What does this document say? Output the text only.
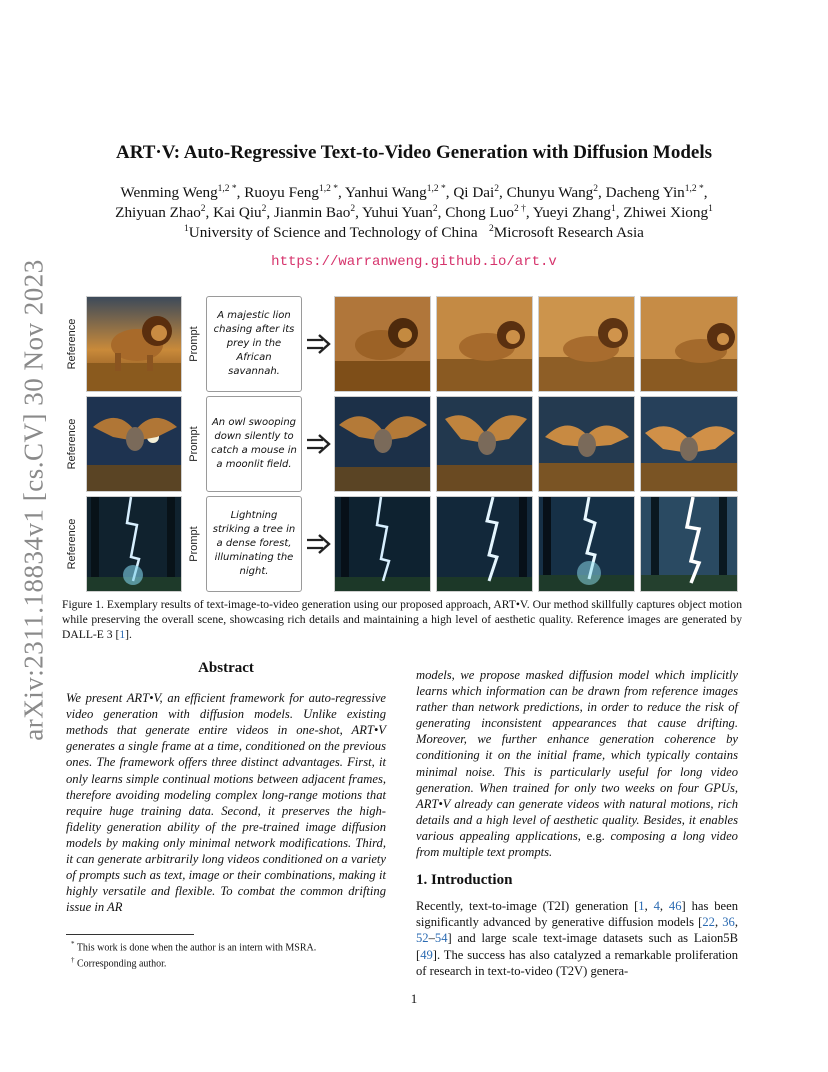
arXiv:2311.18834v1 [cs.CV] 30 Nov 2023
ART·V: Auto-Regressive Text-to-Video Generation with Diffusion Models
Wenming Weng$^{1,2 *}$, Ruoyu Feng$^{1,2 *}$, Yanhui Wang$^{1,2 *}$, Qi Dai$^2$, Chunyu Wang$^2$, Dacheng Yin$^{1,2 *}$,
Zhiyuan Zhao$^2$, Kai Qiu$^2$, Jianmin Bao$^2$, Yuhui Yuan$^2$, Chong Luo$^{2 \dagger}$, Yueyi Zhang$^1$, Zhiwei Xiong$^1$
$^1$University of Science and Technology of China $^2$Microsoft Research Asia
https://warranweng.github.io/art.v
Reference	Prompt
A majestic lion chasing after its prey in the African savannah.
Reference	Prompt
An owl swooping down silently to catch a mouse in a moonlit field.
Reference	Prompt
Lightning striking a tree in a dense forest, illuminating the night.
Figure 1. Exemplary results of text-image-to-video generation using our proposed approach, ART•V. Our method skillfully captures object motion while preserving the overall scene, showcasing rich details and maintaining a high level of aesthetic quality. Reference images are generated by DALL-E 3 [1].
Abstract

We present ART•V, an efficient framework for auto-regressive video generation with diffusion models. Unlike existing methods that generate entire videos in one-shot, ART•V generates a single frame at a time, conditioned on the previous ones. The framework offers three distinct advantages. First, it only learns simple continual motions between adjacent frames, therefore avoiding modeling complex long-range motions that require huge training data. Second, it preserves the high-fidelity generation ability of the pre-trained image diffusion models by making only minimal network modifications. Third, it can generate arbitrarily long videos conditioned on a variety of prompts such as text, image or their combinations, making it highly versatile and flexible. To combat the common drifting issue in AR

models, we propose masked diffusion model which implicitly learns which information can be drawn from reference images rather than network predictions, in order to reduce the risk of generating inconsistent appearances that cause drifting. Moreover, we further enhance generation coherence by conditioning it on the initial frame, which typically contains minimal noise. This is particularly useful for long video generation. When trained for only two weeks on four GPUs, ART•V already can generate videos with natural motions, rich details and a high level of aesthetic quality. Besides, it enables various appealing applications, e.g. composing a long video from multiple text prompts.

1. Introduction

Recently, text-to-image (T2I) generation [1, 4, 46] has been significantly advanced by generative diffusion models [22, 36, 52–54] and large scale text-image datasets such as Laion5B [49]. The success has also catalyzed a remarkable proliferation of research in text-to-video (T2V) genera-

* This work is done when the author is an intern with MSRA.
† Corresponding author.
1
